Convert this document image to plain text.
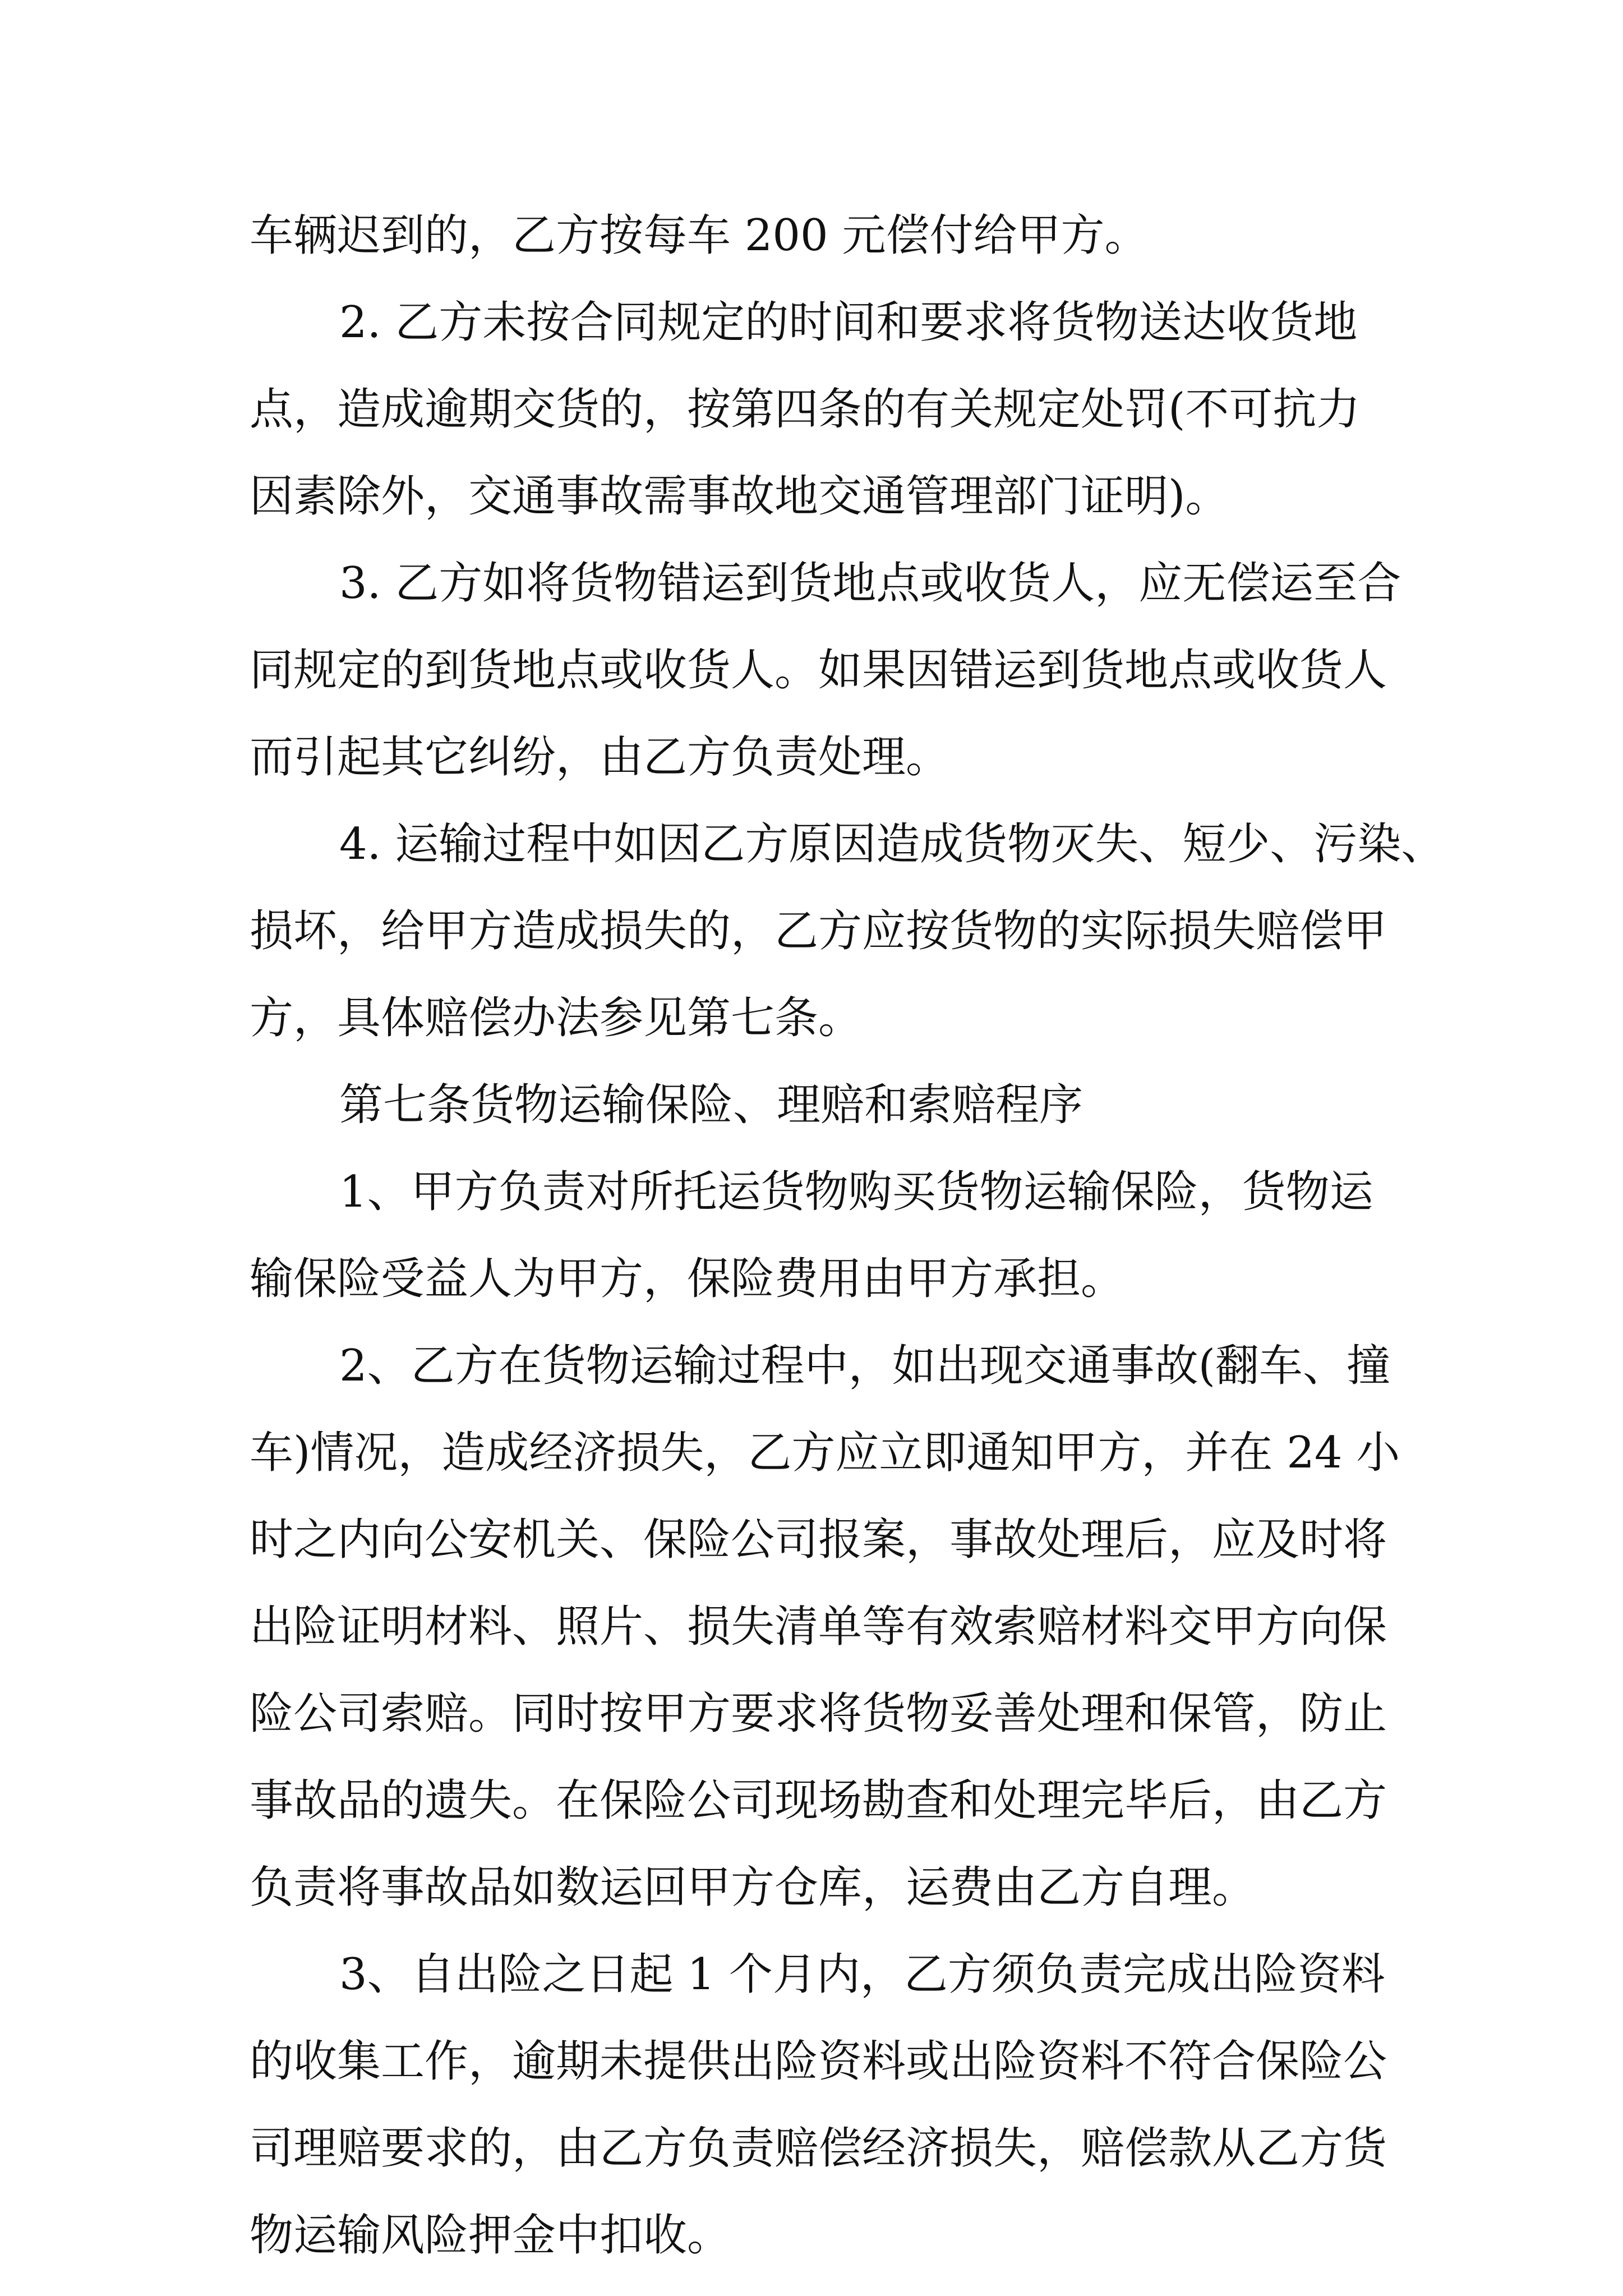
车辆迟到的，乙方按每车 200 元偿付给甲方。
2. 乙方未按合同规定的时间和要求将货物送达收货地
点，造成逾期交货的，按第四条的有关规定处罚(不可抗力
因素除外，交通事故需事故地交通管理部门证明)。
3. 乙方如将货物错运到货地点或收货人，应无偿运至合
同规定的到货地点或收货人。如果因错运到货地点或收货人
而引起其它纠纷，由乙方负责处理。
4. 运输过程中如因乙方原因造成货物灭失、短少、污染、
损坏，给甲方造成损失的，乙方应按货物的实际损失赔偿甲
方，具体赔偿办法参见第七条。
第七条货物运输保险、理赔和索赔程序
1、甲方负责对所托运货物购买货物运输保险，货物运
输保险受益人为甲方，保险费用由甲方承担。
2、乙方在货物运输过程中，如出现交通事故(翻车、撞
车)情况，造成经济损失，乙方应立即通知甲方，并在 24 小
时之内向公安机关、保险公司报案，事故处理后，应及时将
出险证明材料、照片、损失清单等有效索赔材料交甲方向保
险公司索赔。同时按甲方要求将货物妥善处理和保管，防止
事故品的遗失。在保险公司现场勘查和处理完毕后，由乙方
负责将事故品如数运回甲方仓库，运费由乙方自理。
3、自出险之日起 1 个月内，乙方须负责完成出险资料
的收集工作，逾期未提供出险资料或出险资料不符合保险公
司理赔要求的，由乙方负责赔偿经济损失，赔偿款从乙方货
物运输风险押金中扣收。
